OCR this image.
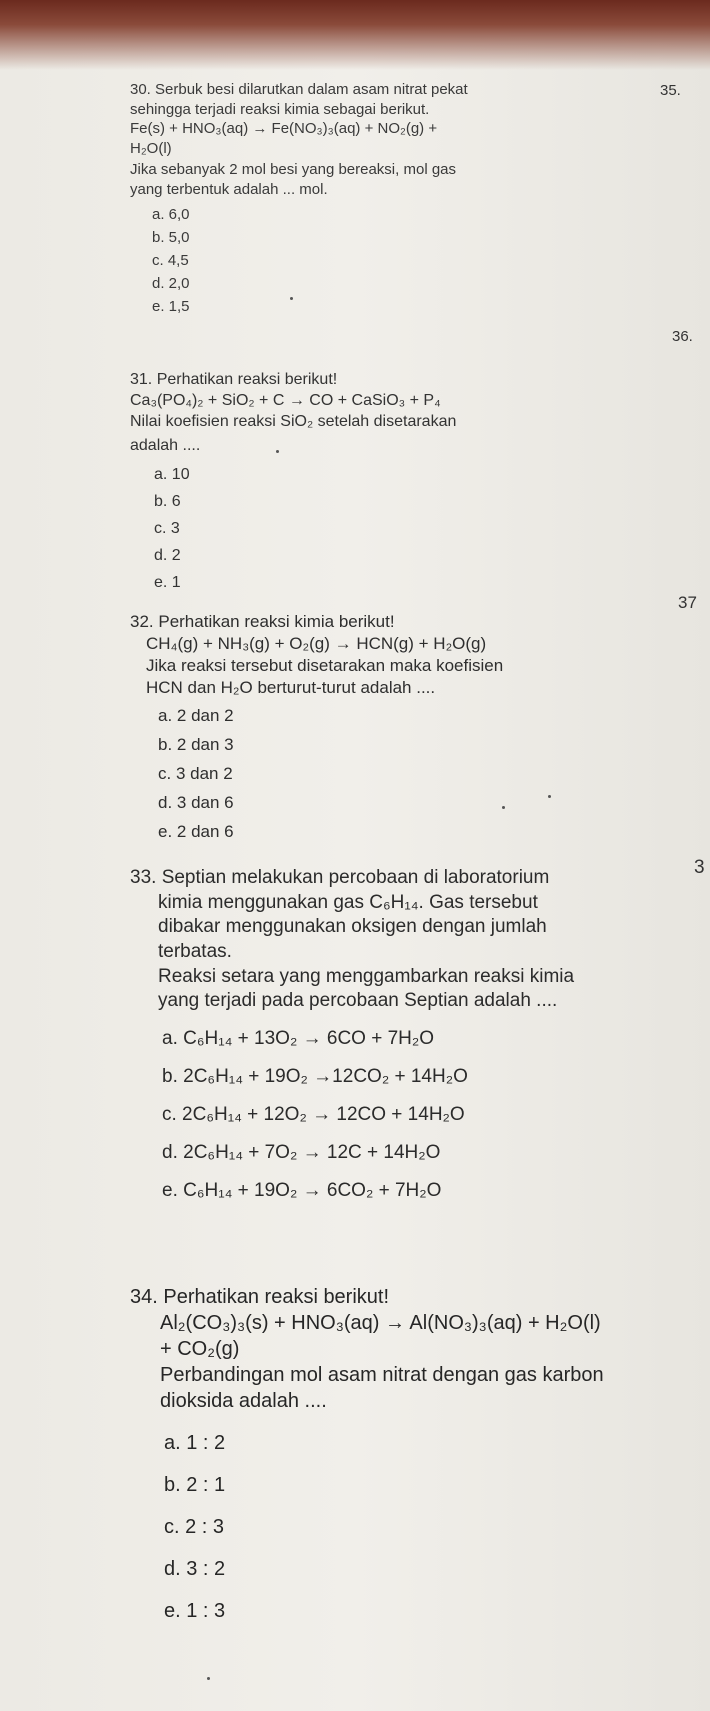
30. Serbuk besi dilarutkan dalam asam nitrat pekat
sehingga terjadi reaksi kimia sebagai berikut.
Fe(s) + HNO₃(aq) → Fe(NO₃)₃(aq) + NO₂(g) +
H₂O(l)
Jika sebanyak 2 mol besi yang bereaksi, mol gas
yang terbentuk adalah ... mol.
a. 6,0
b. 5,0
c. 4,5
d. 2,0
e. 1,5
31. Perhatikan reaksi berikut!
Ca₃(PO₄)₂ + SiO₂ + C → CO + CaSiO₃ + P₄
Nilai koefisien reaksi SiO₂ setelah disetarakan
adalah ....
a. 10
b. 6
c. 3
d. 2
e. 1
32. Perhatikan reaksi kimia berikut!
CH₄(g) + NH₃(g) + O₂(g) → HCN(g) + H₂O(g)
Jika reaksi tersebut disetarakan maka koefisien
HCN dan H₂O berturut-turut adalah ....
a. 2 dan 2
b. 2 dan 3
c. 3 dan 2
d. 3 dan 6
e. 2 dan 6
33. Septian melakukan percobaan di laboratorium
kimia menggunakan gas C₆H₁₄. Gas tersebut
dibakar menggunakan oksigen dengan jumlah
terbatas.
Reaksi setara yang menggambarkan reaksi kimia
yang terjadi pada percobaan Septian adalah ....
a. C₆H₁₄ + 13O₂ → 6CO + 7H₂O
b. 2C₆H₁₄ + 19O₂ →12CO₂ + 14H₂O
c. 2C₆H₁₄ + 12O₂ → 12CO + 14H₂O
d. 2C₆H₁₄ + 7O₂ → 12C + 14H₂O
e. C₆H₁₄ + 19O₂ → 6CO₂ + 7H₂O
34. Perhatikan reaksi berikut!
Al₂(CO₃)₃(s) + HNO₃(aq) → Al(NO₃)₃(aq) + H₂O(l)
+ CO₂(g)
Perbandingan mol asam nitrat dengan gas karbon
dioksida adalah ....
a. 1 : 2
b. 2 : 1
c. 2 : 3
d. 3 : 2
e. 1 : 3
35.
36.
37
3
